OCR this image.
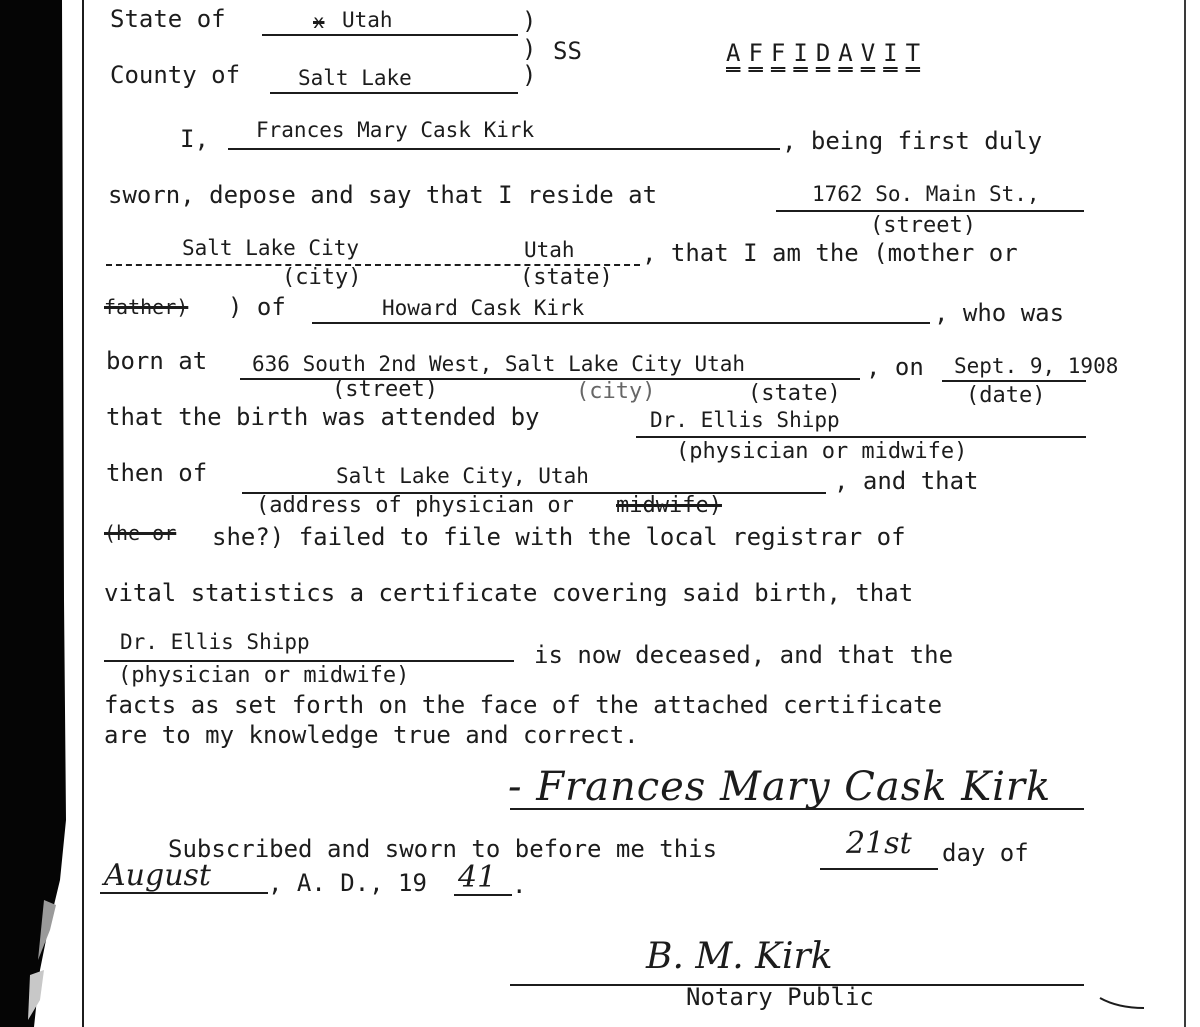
State of	x Utah
County of	Salt Lake
)
)
)
SS	A F F I D A V I T
I, Frances Mary Cask Kirk	, being first duly
sworn, depose and say that I reside at	1762 So. Main St.,
(street)
Salt Lake City	Utah	, that I am the (mother or
(city)	(state)
father) ) of	Howard Cask Kirk	, who was
born at 636 South 2nd West, Salt Lake City Utah	, on Sept. 9, 1908
(street)	(city)	(state)	(date)
that the birth was attended by	Dr. Ellis Shipp
(physician or midwife)
then of	Salt Lake City, Utah	, and that
(address of physician or midwife)
(he or she?) failed to file with the local registrar of
vital statistics a certificate covering said birth, that
Dr. Ellis Shipp	is now deceased, and that the
(physician or midwife)
facts as set forth on the face of the attached certificate
are to my knowledge true and correct.
- Frances Mary Cask Kirk
Subscribed and sworn to before me this	21st day of
August , A. D., 19 41 .
B. M. Kirk
Notary Public
